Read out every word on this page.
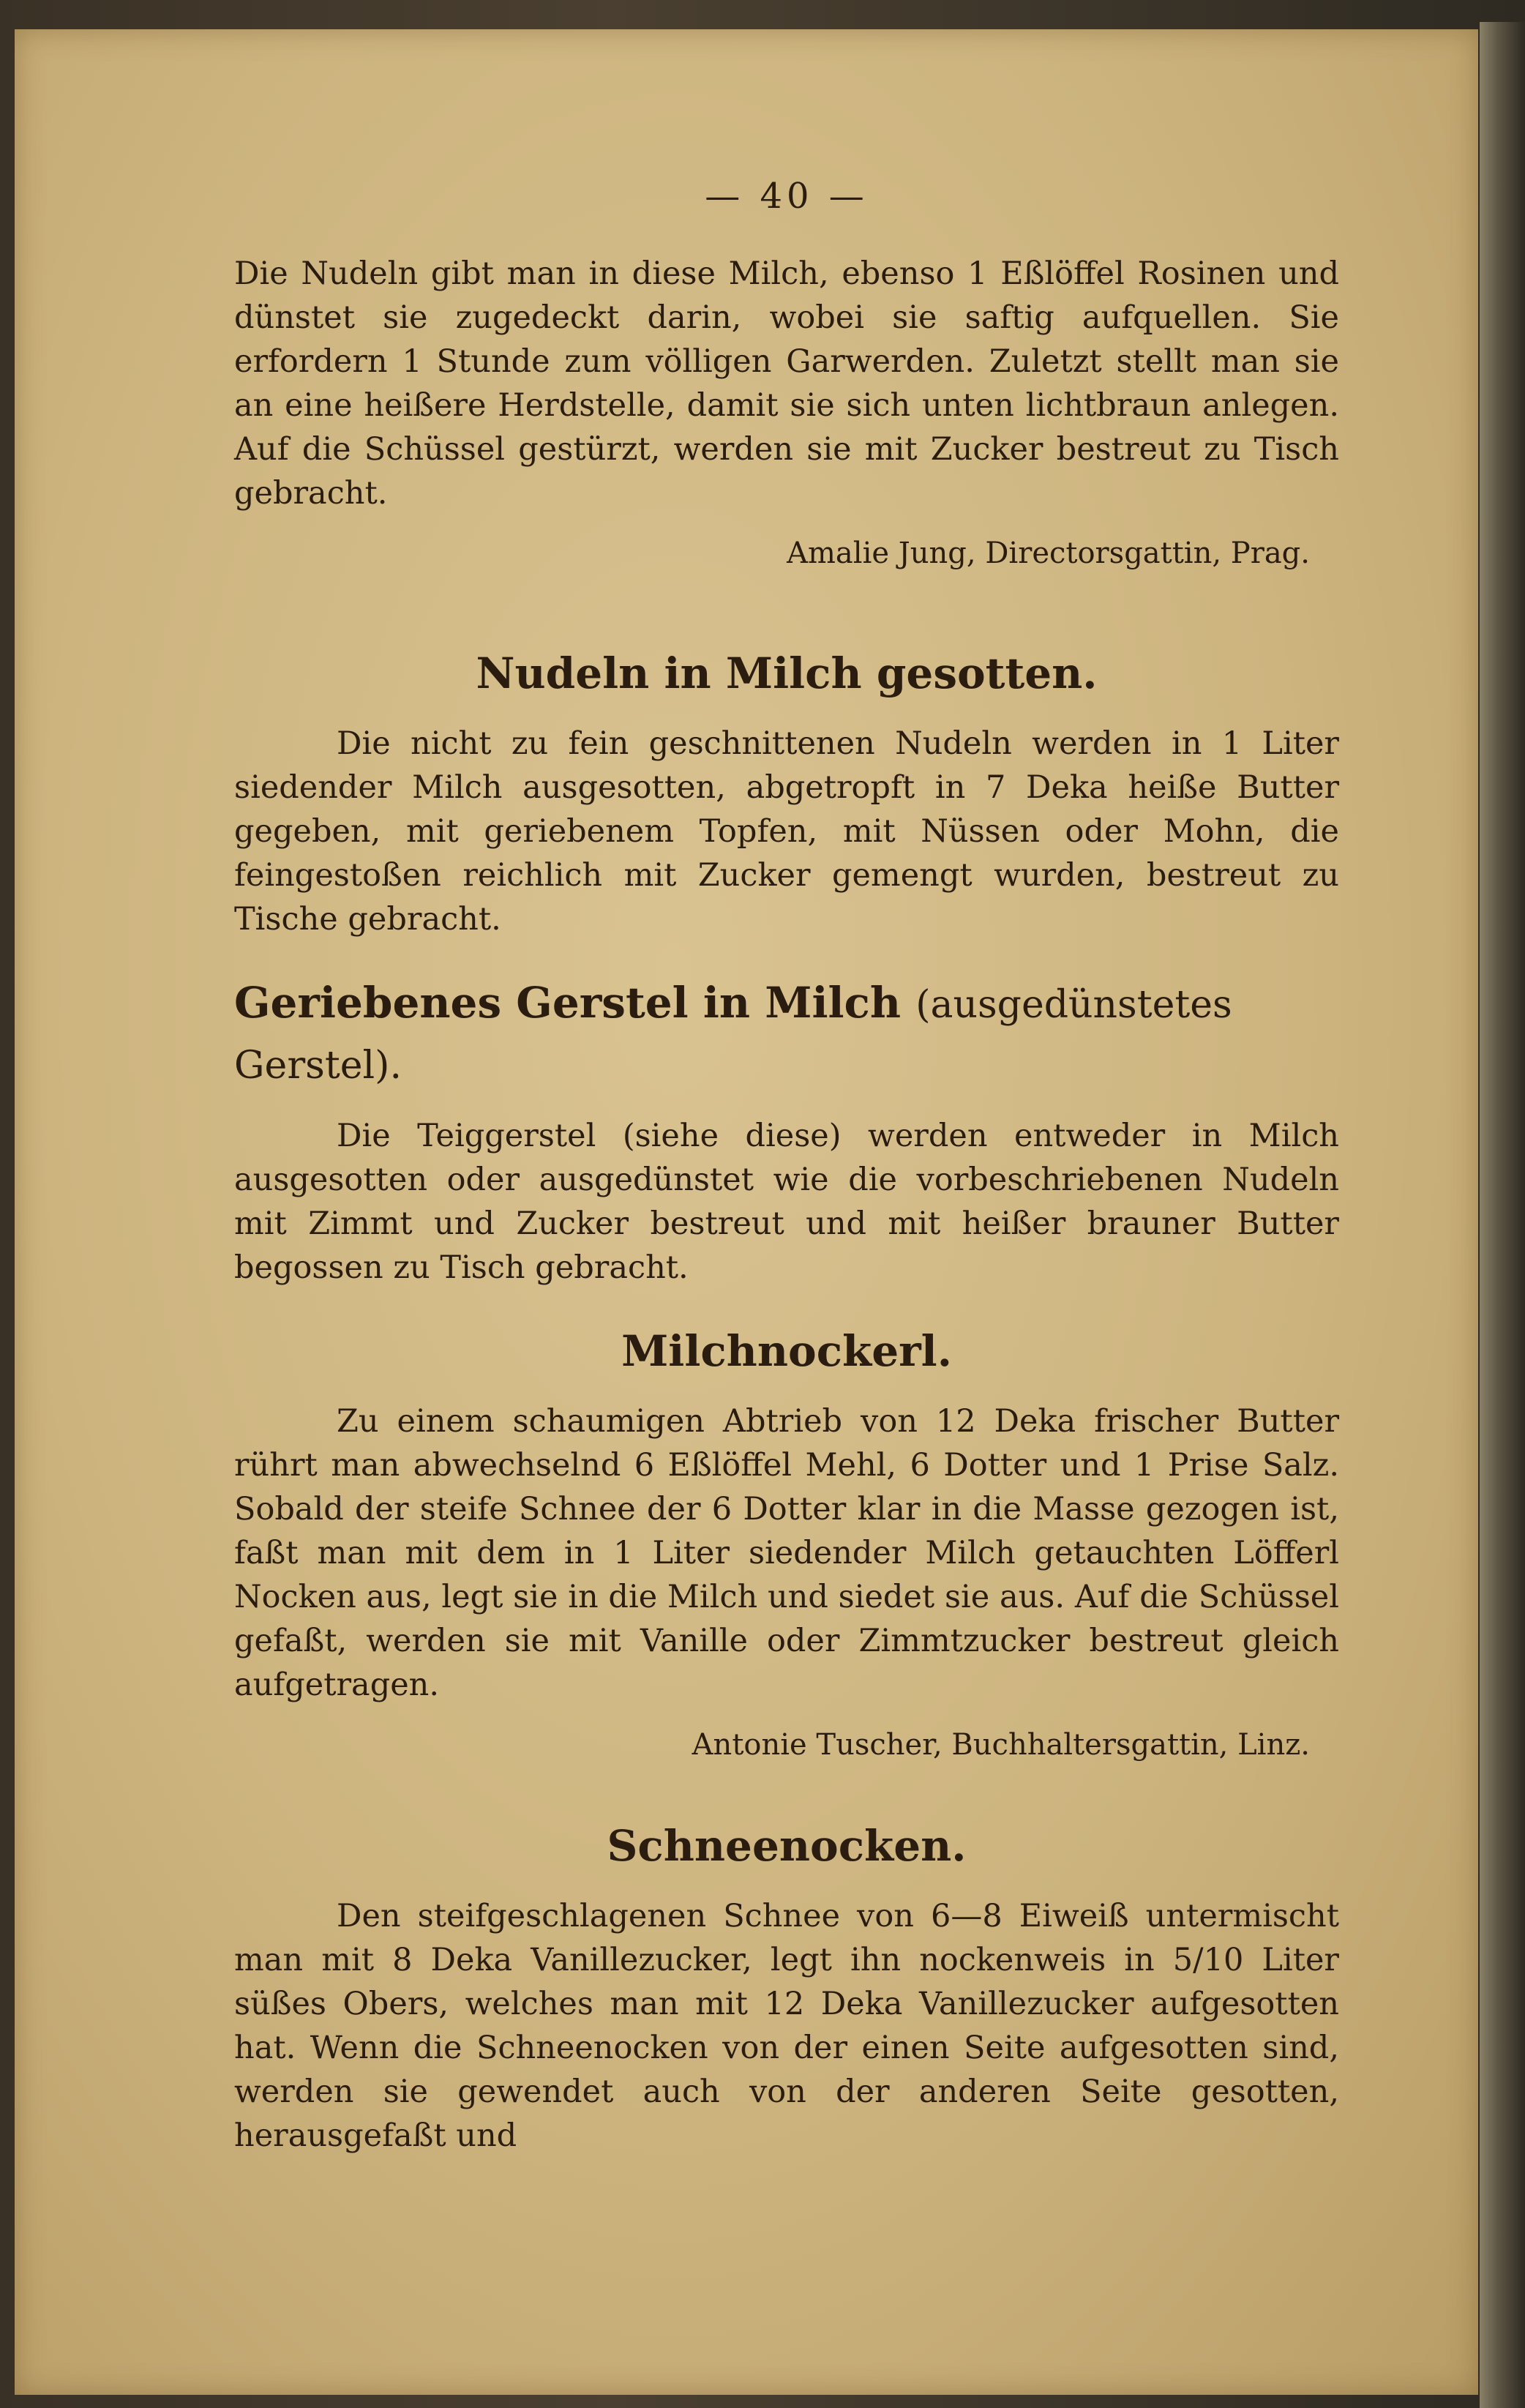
— 40 —

Die Nudeln gibt man in diese Milch, ebenso 1 Eßlöffel Rosinen und dünstet sie zugedeckt darin, wobei sie saftig aufquellen. Sie erfordern 1 Stunde zum völligen Garwerden. Zuletzt stellt man sie an eine heißere Herdstelle, damit sie sich unten lichtbraun anlegen. Auf die Schüssel gestürzt, werden sie mit Zucker bestreut zu Tisch gebracht.

Amalie Jung, Directorsgattin, Prag.
Nudeln in Milch gesotten.

Die nicht zu fein geschnittenen Nudeln werden in 1 Liter siedender Milch ausgesotten, abgetropft in 7 Deka heiße Butter gegeben, mit geriebenem Topfen, mit Nüssen oder Mohn, die feingestoßen reichlich mit Zucker gemengt wurden, bestreut zu Tische gebracht.

Geriebenes Gerstel in Milch (ausgedünstetes Gerstel).

Die Teiggerstel (siehe diese) werden entweder in Milch ausgesotten oder ausgedünstet wie die vorbeschriebenen Nudeln mit Zimmt und Zucker bestreut und mit heißer brauner Butter begossen zu Tisch gebracht.

Milchnockerl.

Zu einem schaumigen Abtrieb von 12 Deka frischer Butter rührt man abwechselnd 6 Eßlöffel Mehl, 6 Dotter und 1 Prise Salz. Sobald der steife Schnee der 6 Dotter klar in die Masse gezogen ist, faßt man mit dem in 1 Liter siedender Milch getauchten Löfferl Nocken aus, legt sie in die Milch und siedet sie aus. Auf die Schüssel gefaßt, werden sie mit Vanille oder Zimmtzucker bestreut gleich aufgetragen.

Antonie Tuscher, Buchhaltersgattin, Linz.
Schneenocken.

Den steifgeschlagenen Schnee von 6—8 Eiweiß untermischt man mit 8 Deka Vanillezucker, legt ihn nockenweis in 5/10 Liter süßes Obers, welches man mit 12 Deka Vanillezucker aufgesotten hat. Wenn die Schneenocken von der einen Seite aufgesotten sind, werden sie gewendet auch von der anderen Seite gesotten, herausgefaßt und
